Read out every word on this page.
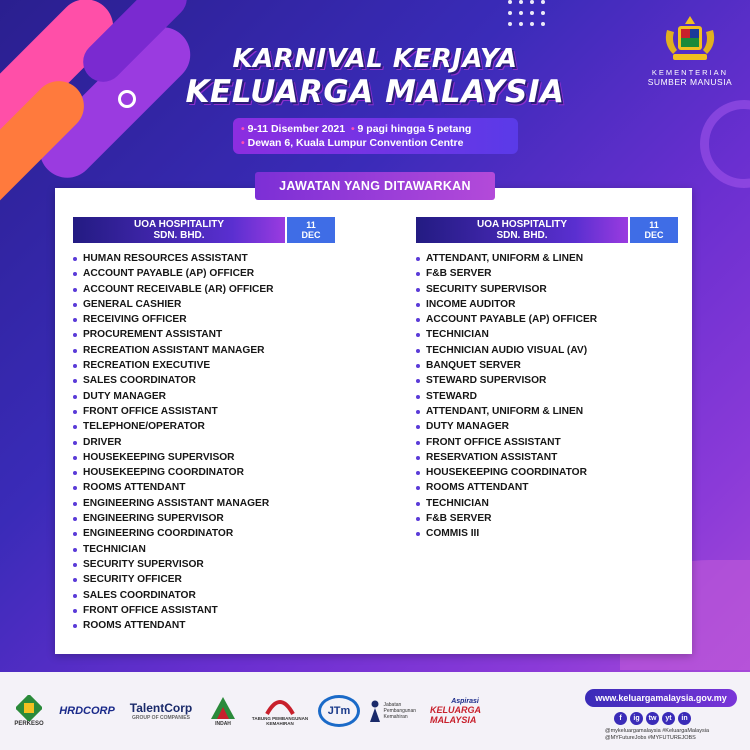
KARNIVAL KERJAYA
KELUARGA MALAYSIA
• 9-11 Disember 2021 • 9 pagi hingga 5 petang
• Dewan 6, Kuala Lumpur Convention Centre
KEMENTERIAN
SUMBER MANUSIA
JAWATAN YANG DITAWARKAN
UOA HOSPITALITY
SDN. BHD.
11
DEC
HUMAN RESOURCES ASSISTANT
ACCOUNT PAYABLE (AP) OFFICER
ACCOUNT RECEIVABLE (AR) OFFICER
GENERAL CASHIER
RECEIVING OFFICER
PROCUREMENT ASSISTANT
RECREATION ASSISTANT MANAGER
RECREATION EXECUTIVE
SALES COORDINATOR
DUTY MANAGER
FRONT OFFICE ASSISTANT
TELEPHONE/OPERATOR
DRIVER
HOUSEKEEPING SUPERVISOR
HOUSEKEEPING COORDINATOR
ROOMS ATTENDANT
ENGINEERING ASSISTANT MANAGER
ENGINEERING SUPERVISOR
ENGINEERING COORDINATOR
TECHNICIAN
SECURITY SUPERVISOR
SECURITY OFFICER
SALES COORDINATOR
FRONT OFFICE ASSISTANT
ROOMS ATTENDANT
UOA HOSPITALITY
SDN. BHD.
11
DEC
ATTENDANT, UNIFORM & LINEN
F&B SERVER
SECURITY SUPERVISOR
INCOME AUDITOR
ACCOUNT PAYABLE (AP) OFFICER
TECHNICIAN
TECHNICIAN AUDIO VISUAL (AV)
BANQUET SERVER
STEWARD SUPERVISOR
STEWARD
ATTENDANT, UNIFORM & LINEN
DUTY MANAGER
FRONT OFFICE ASSISTANT
RESERVATION ASSISTANT
HOUSEKEEPING COORDINATOR
ROOMS ATTENDANT
TECHNICIAN
F&B SERVER
COMMIS III
PERKESO
HRDCORP TalentCorp
GROUP OF COMPANIES
INDAH
TABUNG PEMBANGUNAN KEMAHIRAN
JTm	Jabatan Pembangunan Kemahiran
Aspirasi
KELUARGA MALAYSIA
www.keluargamalaysia.gov.my
f	ig	tw	yt	in
@mykeluargamalaysia #KeluargaMalaysia
@MYFutureJobs #MYFUTUREJOBS
